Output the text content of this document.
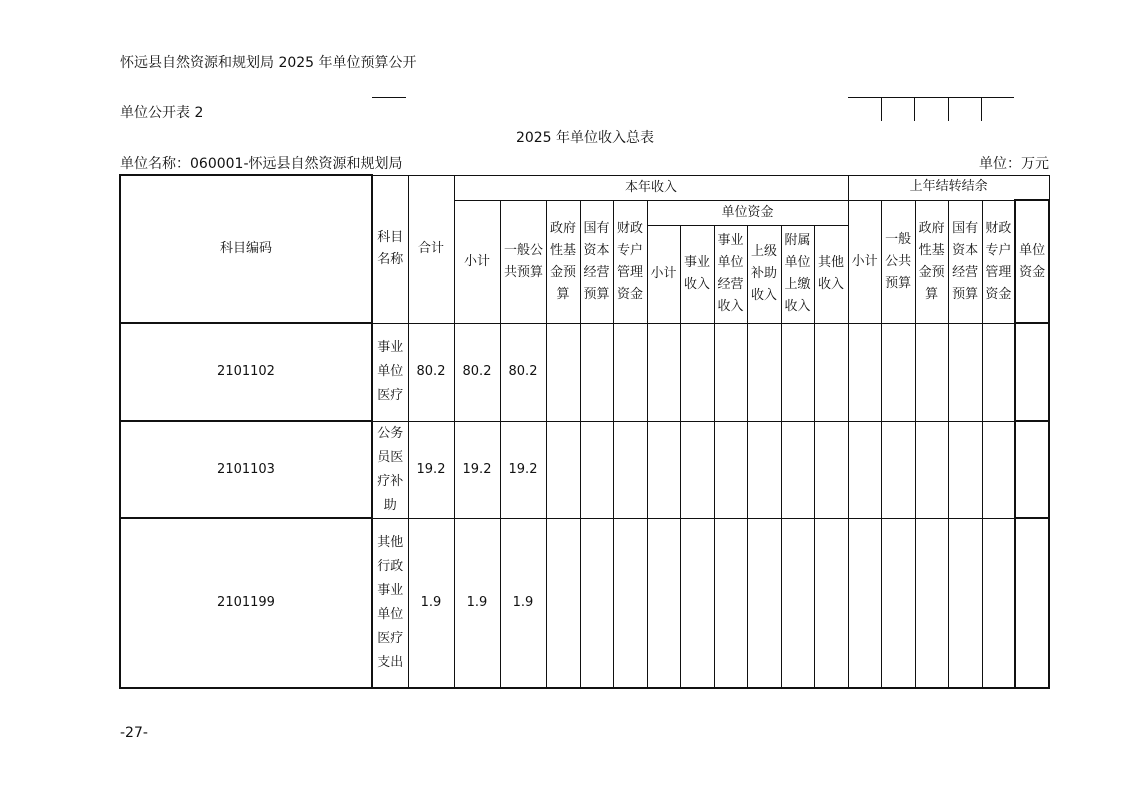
怀远县自然资源和规划局 2025 年单位预算公开
单位公开表 2
2025 年单位收入总表
单位名称：060001-怀远县自然资源和规划局	单位：万元
科目编码	科目名称	合计	本年收入											上年结转结余					
			小计	一般公共预算	政府性基金预算	国有资本经营预算	财政专户管理资金	单位资金						小计	一般公共预算	政府性基金预算	国有资本经营预算	财政专户管理资金	单位资金
								小计	事业收入	事业单位经营收入	上级补助收入	附属单位上缴收入	其他收入						
2101102	事业单位医疗	80.2	80.2	80.2															
2101103	公务员医疗补助	19.2	19.2	19.2															
2101199	其他行政事业单位医疗支出	1.9	1.9	1.9															
-27-
